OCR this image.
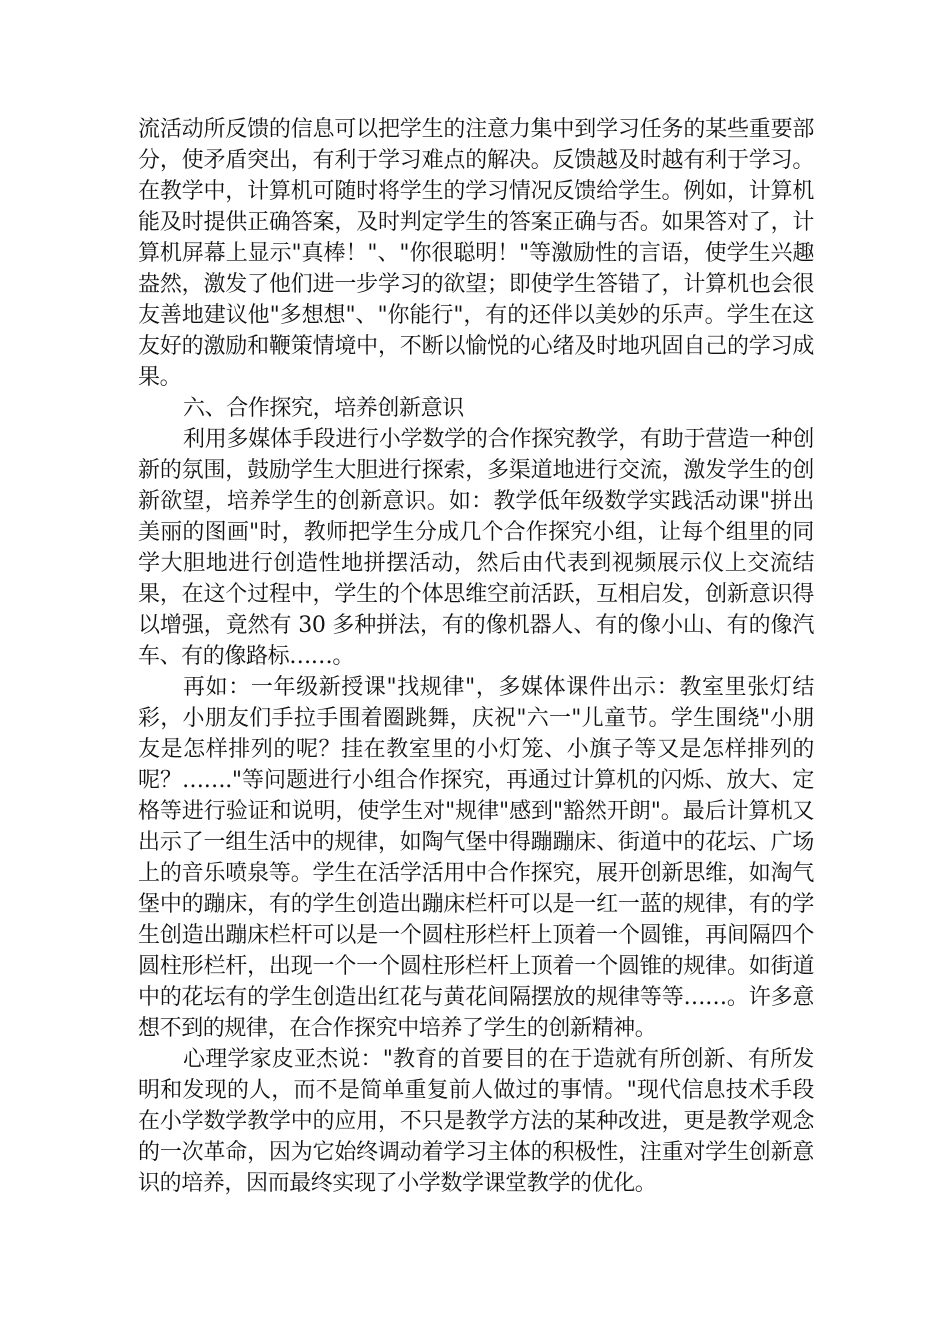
流活动所反馈的信息可以把学生的注意力集中到学习任务的某些重要部分，使矛盾突出，有利于学习难点的解决。反馈越及时越有利于学习。在教学中，计算机可随时将学生的学习情况反馈给学生。例如，计算机能及时提供正确答案，及时判定学生的答案正确与否。如果答对了，计算机屏幕上显示"真棒！"、"你很聪明！"等激励性的言语，使学生兴趣盎然，激发了他们进一步学习的欲望；即使学生答错了，计算机也会很友善地建议他"多想想"、"你能行"，有的还伴以美妙的乐声。学生在这友好的激励和鞭策情境中，不断以愉悦的心绪及时地巩固自己的学习成果。

六、合作探究，培养创新意识

利用多媒体手段进行小学数学的合作探究教学，有助于营造一种创新的氛围，鼓励学生大胆进行探索，多渠道地进行交流，激发学生的创新欲望，培养学生的创新意识。如：教学低年级数学实践活动课"拼出美丽的图画"时，教师把学生分成几个合作探究小组，让每个组里的同学大胆地进行创造性地拼摆活动，然后由代表到视频展示仪上交流结果，在这个过程中，学生的个体思维空前活跃，互相启发，创新意识得以增强，竟然有 30 多种拼法，有的像机器人、有的像小山、有的像汽车、有的像路标……。

再如：一年级新授课"找规律"，多媒体课件出示：教室里张灯结彩，小朋友们手拉手围着圈跳舞，庆祝"六一"儿童节。学生围绕"小朋友是怎样排列的呢？挂在教室里的小灯笼、小旗子等又是怎样排列的呢？……."等问题进行小组合作探究，再通过计算机的闪烁、放大、定格等进行验证和说明，使学生对"规律"感到"豁然开朗"。最后计算机又出示了一组生活中的规律，如陶气堡中得蹦蹦床、街道中的花坛、广场上的音乐喷泉等。学生在活学活用中合作探究，展开创新思维，如淘气堡中的蹦床，有的学生创造出蹦床栏杆可以是一红一蓝的规律，有的学生创造出蹦床栏杆可以是一个圆柱形栏杆上顶着一个圆锥，再间隔四个圆柱形栏杆，出现一个一个圆柱形栏杆上顶着一个圆锥的规律。如街道中的花坛有的学生创造出红花与黄花间隔摆放的规律等等……。许多意想不到的规律，在合作探究中培养了学生的创新精神。

心理学家皮亚杰说："教育的首要目的在于造就有所创新、有所发明和发现的人，而不是简单重复前人做过的事情。"现代信息技术手段在小学数学教学中的应用，不只是教学方法的某种改进，更是教学观念的一次革命，因为它始终调动着学习主体的积极性，注重对学生创新意识的培养，因而最终实现了小学数学课堂教学的优化。
